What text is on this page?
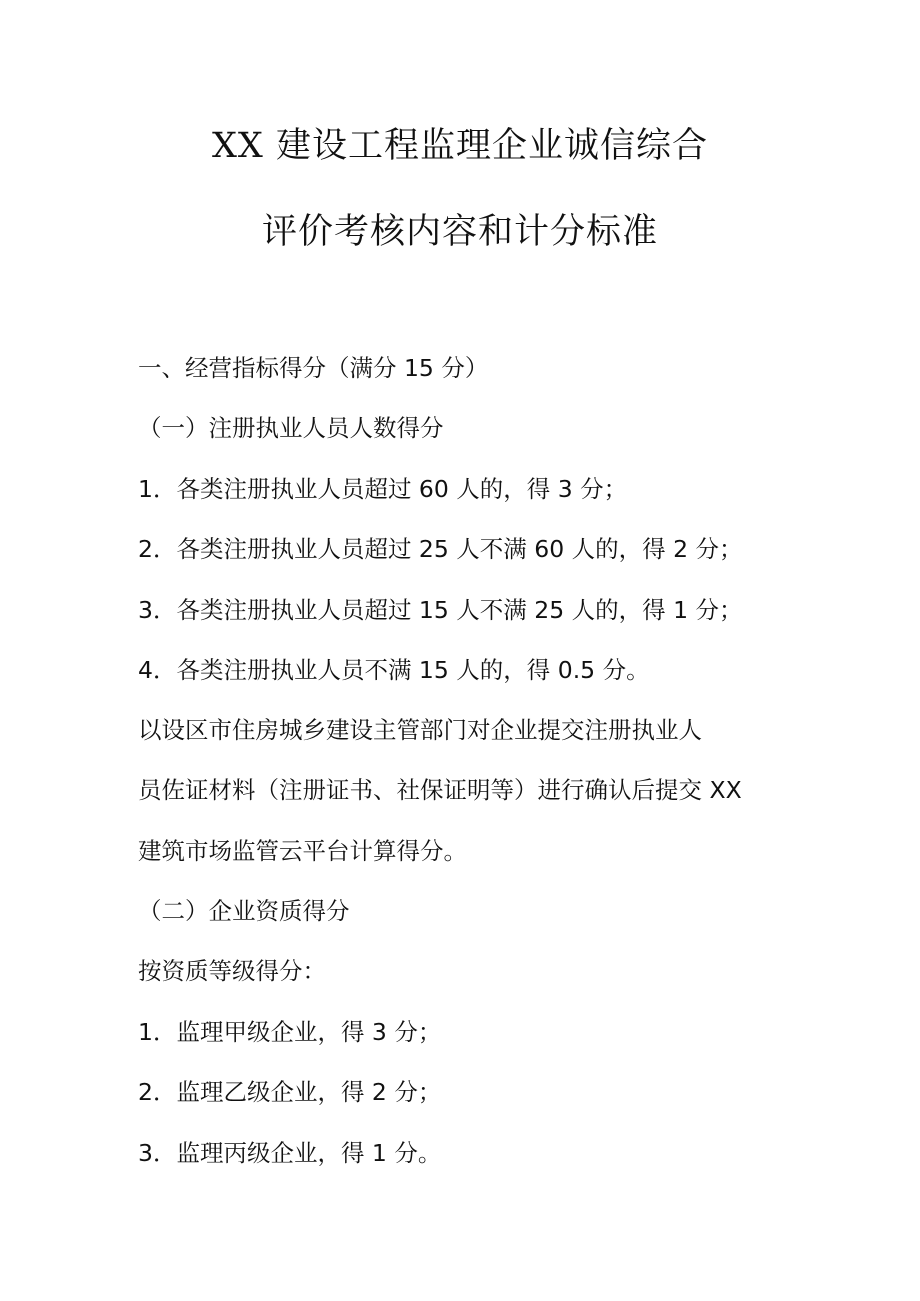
XX 建设工程监理企业诚信综合
评价考核内容和计分标准
一、经营指标得分（满分 15 分）
（一）注册执业人员人数得分
1．各类注册执业人员超过 60 人的，得 3 分；
2．各类注册执业人员超过 25 人不满 60 人的，得 2 分；
3．各类注册执业人员超过 15 人不满 25 人的，得 1 分；
4．各类注册执业人员不满 15 人的，得 0.5 分。
以设区市住房城乡建设主管部门对企业提交注册执业人
员佐证材料（注册证书、社保证明等）进行确认后提交 XX
建筑市场监管云平台计算得分。
（二）企业资质得分
按资质等级得分：
1．监理甲级企业，得 3 分；
2．监理乙级企业，得 2 分；
3．监理丙级企业，得 1 分。
